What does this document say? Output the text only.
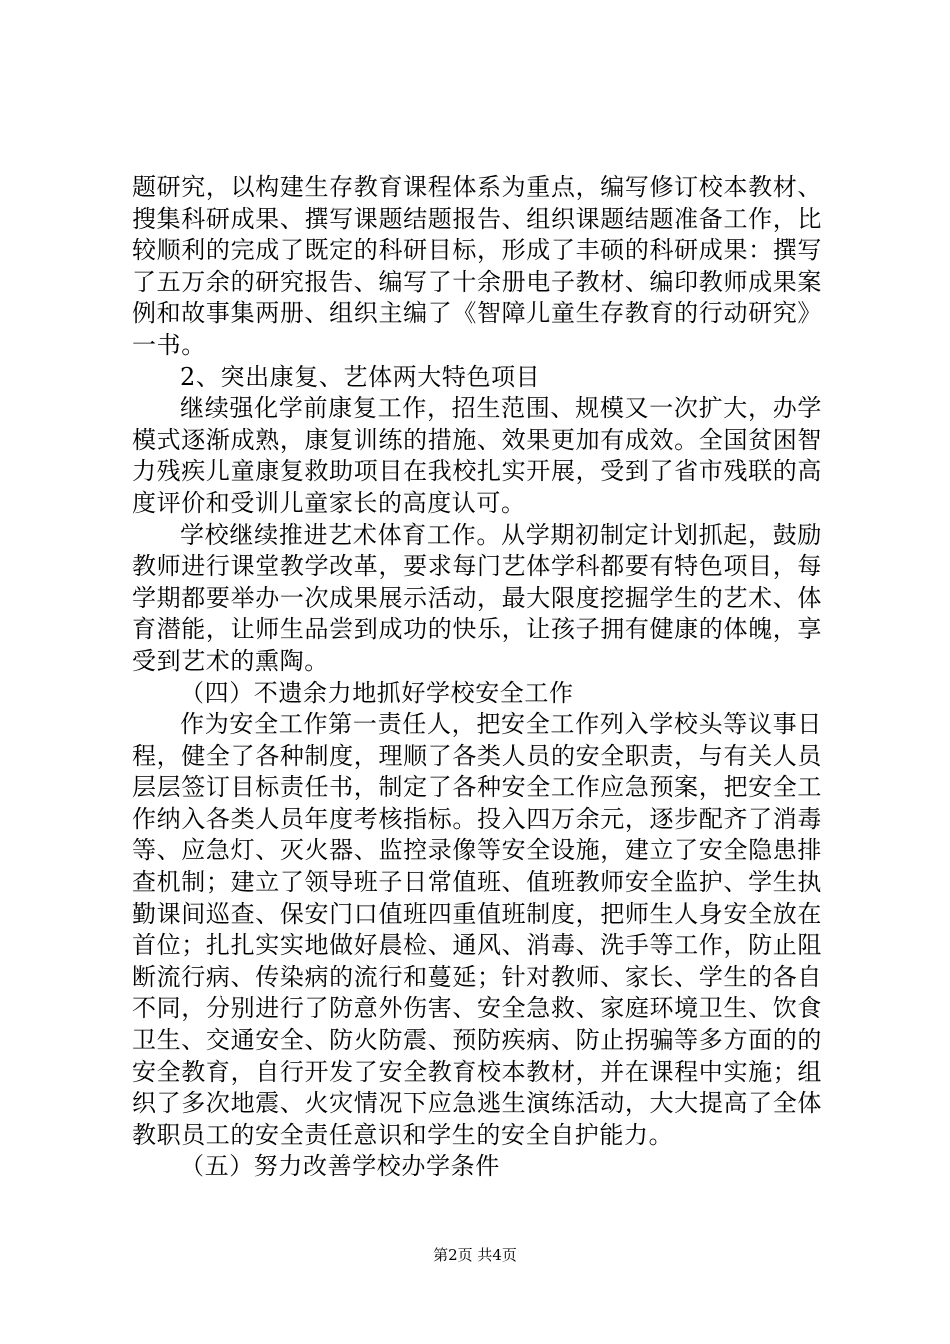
题研究，以构建生存教育课程体系为重点，编写修订校本教材、搜集科研成果、撰写课题结题报告、组织课题结题准备工作，比较顺利的完成了既定的科研目标，形成了丰硕的科研成果：撰写了五万余的研究报告、编写了十余册电子教材、编印教师成果案例和故事集两册、组织主编了《智障儿童生存教育的行动研究》一书。

2、突出康复、艺体两大特色项目

继续强化学前康复工作，招生范围、规模又一次扩大，办学模式逐渐成熟，康复训练的措施、效果更加有成效。全国贫困智力残疾儿童康复救助项目在我校扎实开展，受到了省市残联的高度评价和受训儿童家长的高度认可。

学校继续推进艺术体育工作。从学期初制定计划抓起，鼓励教师进行课堂教学改革，要求每门艺体学科都要有特色项目，每学期都要举办一次成果展示活动，最大限度挖掘学生的艺术、体育潜能，让师生品尝到成功的快乐，让孩子拥有健康的体魄，享受到艺术的熏陶。

（四）不遗余力地抓好学校安全工作

作为安全工作第一责任人，把安全工作列入学校头等议事日程，健全了各种制度，理顺了各类人员的安全职责，与有关人员层层签订目标责任书，制定了各种安全工作应急预案，把安全工作纳入各类人员年度考核指标。投入四万余元，逐步配齐了消毒等、应急灯、灭火器、监控录像等安全设施，建立了安全隐患排查机制；建立了领导班子日常值班、值班教师安全监护、学生执勤课间巡查、保安门口值班四重值班制度，把师生人身安全放在首位；扎扎实实地做好晨检、通风、消毒、洗手等工作，防止阻断流行病、传染病的流行和蔓延；针对教师、家长、学生的各自不同，分别进行了防意外伤害、安全急救、家庭环境卫生、饮食卫生、交通安全、防火防震、预防疾病、防止拐骗等多方面的的安全教育，自行开发了安全教育校本教材，并在课程中实施；组织了多次地震、火灾情况下应急逃生演练活动，大大提高了全体教职员工的安全责任意识和学生的安全自护能力。

（五）努力改善学校办学条件

第2页 共4页
